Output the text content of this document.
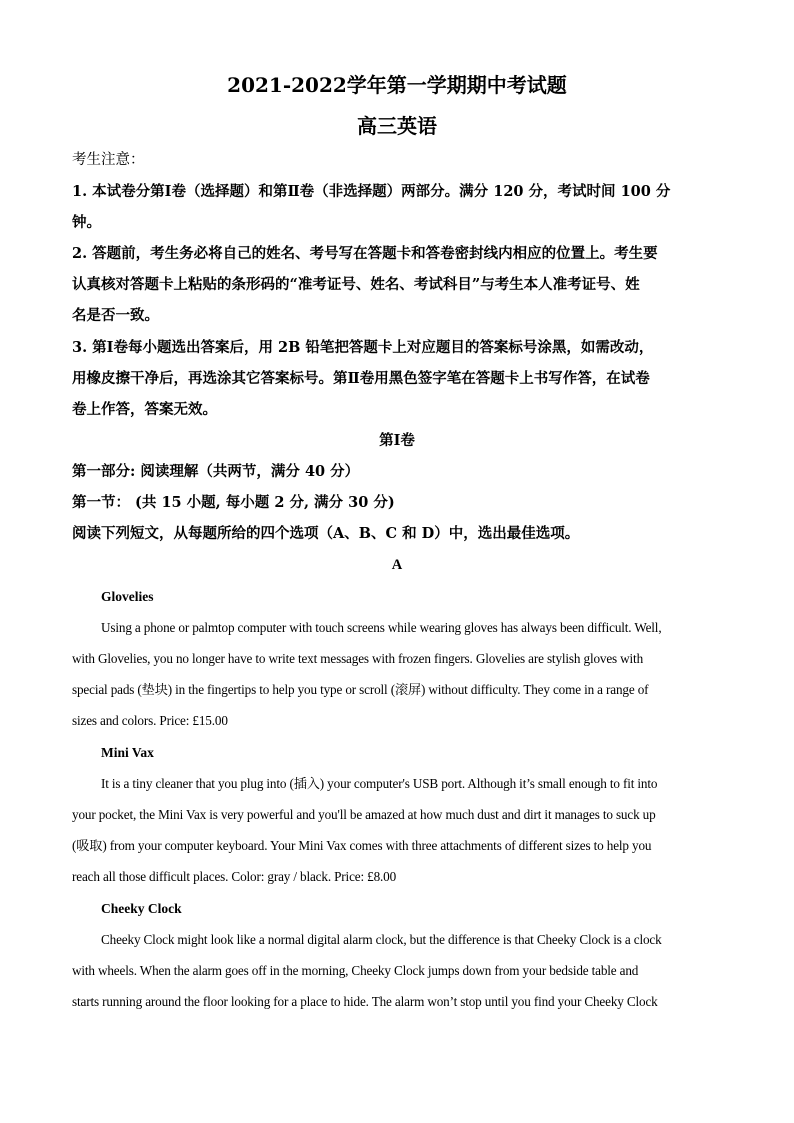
2021-2022学年第一学期期中考试题
高三英语
考生注意：
1. 本试卷分第Ⅰ卷（选择题）和第Ⅱ卷（非选择题）两部分。满分 120 分，考试时间 100 分
钟。
2. 答题前，考生务必将自己的姓名、考号写在答题卡和答卷密封线内相应的位置上。考生要
认真核对答题卡上粘贴的条形码的“准考证号、姓名、考试科目”与考生本人准考证号、姓
名是否一致。
3. 第Ⅰ卷每小题选出答案后，用 2B 铅笔把答题卡上对应题目的答案标号涂黑，如需改动，
用橡皮擦干净后，再选涂其它答案标号。第Ⅱ卷用黑色签字笔在答题卡上书写作答，在试卷
卷上作答，答案无效。
第Ⅰ卷
第一部分: 阅读理解（共两节，满分 40 分）
第一节： (共 15 小题, 每小题 2 分, 满分 30 分)
阅读下列短文，从每题所给的四个选项（A、B、C 和 D）中，选出最佳选项。
A
Glovelies
Using a phone or palmtop computer with touch screens while wearing gloves has always been difficult. Well,
with Glovelies, you no longer have to write text messages with frozen fingers. Glovelies are stylish gloves with
special pads (垫块) in the fingertips to help you type or scroll (滚屏) without difficulty. They come in a range of
sizes and colors. Price: £15.00
Mini Vax
It is a tiny cleaner that you plug into (插入) your computer's USB port. Although it’s small enough to fit into
your pocket, the Mini Vax is very powerful and you'll be amazed at how much dust and dirt it manages to suck up
(吸取) from your computer keyboard. Your Mini Vax comes with three attachments of different sizes to help you
reach all those difficult places. Color: gray / black. Price: £8.00
Cheeky Clock
Cheeky Clock might look like a normal digital alarm clock, but the difference is that Cheeky Clock is a clock
with wheels. When the alarm goes off in the morning, Cheeky Clock jumps down from your bedside table and
starts running around the floor looking for a place to hide. The alarm won’t stop until you find your Cheeky Clock
